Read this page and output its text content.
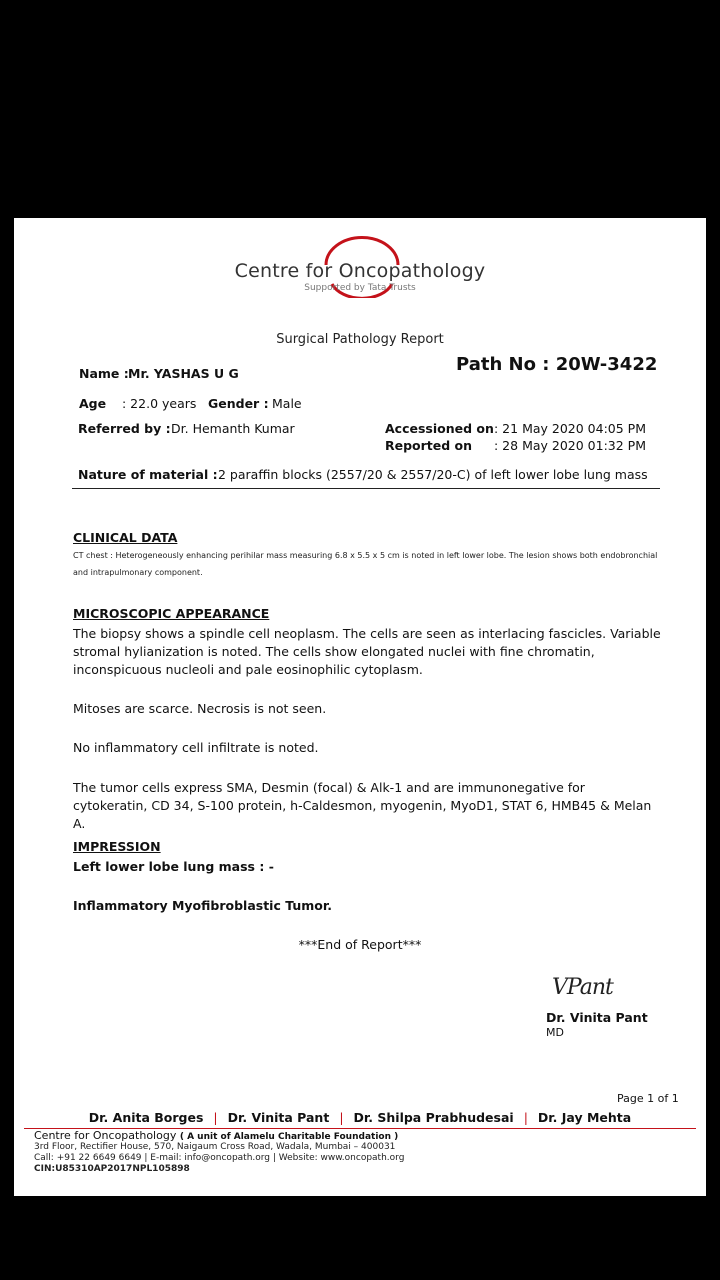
Centre for Oncopathology
Supported by Tata Trusts
Surgical Pathology Report
Path No : 20W-3422
Name : Mr. YASHAS U G
Age : 22.0 years Gender : Male
Referred by : Dr. Hemanth Kumar	Accessioned on : 21 May 2020 04:05 PM
Reported on : 28 May 2020 01:32 PM
Nature of material : 2 paraffin blocks (2557/20 & 2557/20-C) of left lower lobe lung mass
CLINICAL DATA
CT chest : Heterogeneously enhancing perihilar mass measuring 6.8 x 5.5 x 5 cm is noted in left lower lobe. The lesion shows both endobronchial
and intrapulmonary component.
MICROSCOPIC APPEARANCE
The biopsy shows a spindle cell neoplasm. The cells are seen as interlacing fascicles. Variable stromal hylianization is noted. The cells show elongated nuclei with fine chromatin, inconspicuous nucleoli and pale eosinophilic cytoplasm.
Mitoses are scarce. Necrosis is not seen.
No inflammatory cell infiltrate is noted.
The tumor cells express SMA, Desmin (focal) & Alk-1 and are immunonegative for cytokeratin, CD 34, S-100 protein, h-Caldesmon, myogenin, MyoD1, STAT 6, HMB45 & Melan A.
IMPRESSION
Left lower lobe lung mass : -
Inflammatory Myofibroblastic Tumor.
***End of Report***
VPant
Dr. Vinita Pant
MD
Page 1 of 1
Dr. Anita Borges | Dr. Vinita Pant | Dr. Shilpa Prabhudesai | Dr. Jay Mehta
Centre for Oncopathology ( A unit of Alamelu Charitable Foundation )
3rd Floor, Rectifier House, 570, Naigaum Cross Road, Wadala, Mumbai – 400031
Call: +91 22 6649 6649 | E-mail: info@oncopath.org | Website: www.oncopath.org
CIN:U85310AP2017NPL105898
